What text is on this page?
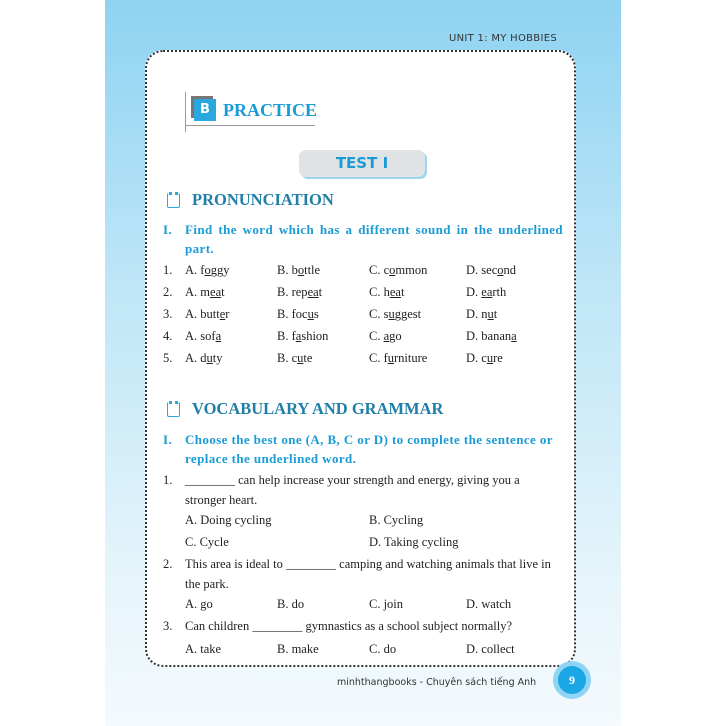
UNIT 1: MY HOBBIES
B PRACTICE
TEST I
PRONUNCIATION
I. Find the word which has a different sound in the underlined part.
1.	A. foggy	B. bottle	C. common	D. second
2.	A. meat	B. repeat	C. heat	D. earth
3.	A. butter	B. focus	C. suggest	D. nut
4.	A. sofa	B. fashion	C. ago	D. banana
5.	A. duty	B. cute	C. furniture	D. cure
VOCABULARY AND GRAMMAR
I. Choose the best one (A, B, C or D) to complete the sentence or replace the underlined word.
1.	________ can help increase your strength and energy, giving you a stronger heart.
A. Doing cycling	B. Cycling
C. Cycle	D. Taking cycling
2.	This area is ideal to ________ camping and watching animals that live in the park.
A. go	B. do	C. join	D. watch
3.	Can children ________ gymnastics as a school subject normally?
A. take	B. make	C. do	D. collect
minhthangbooks - Chuyên sách tiếng Anh	9
